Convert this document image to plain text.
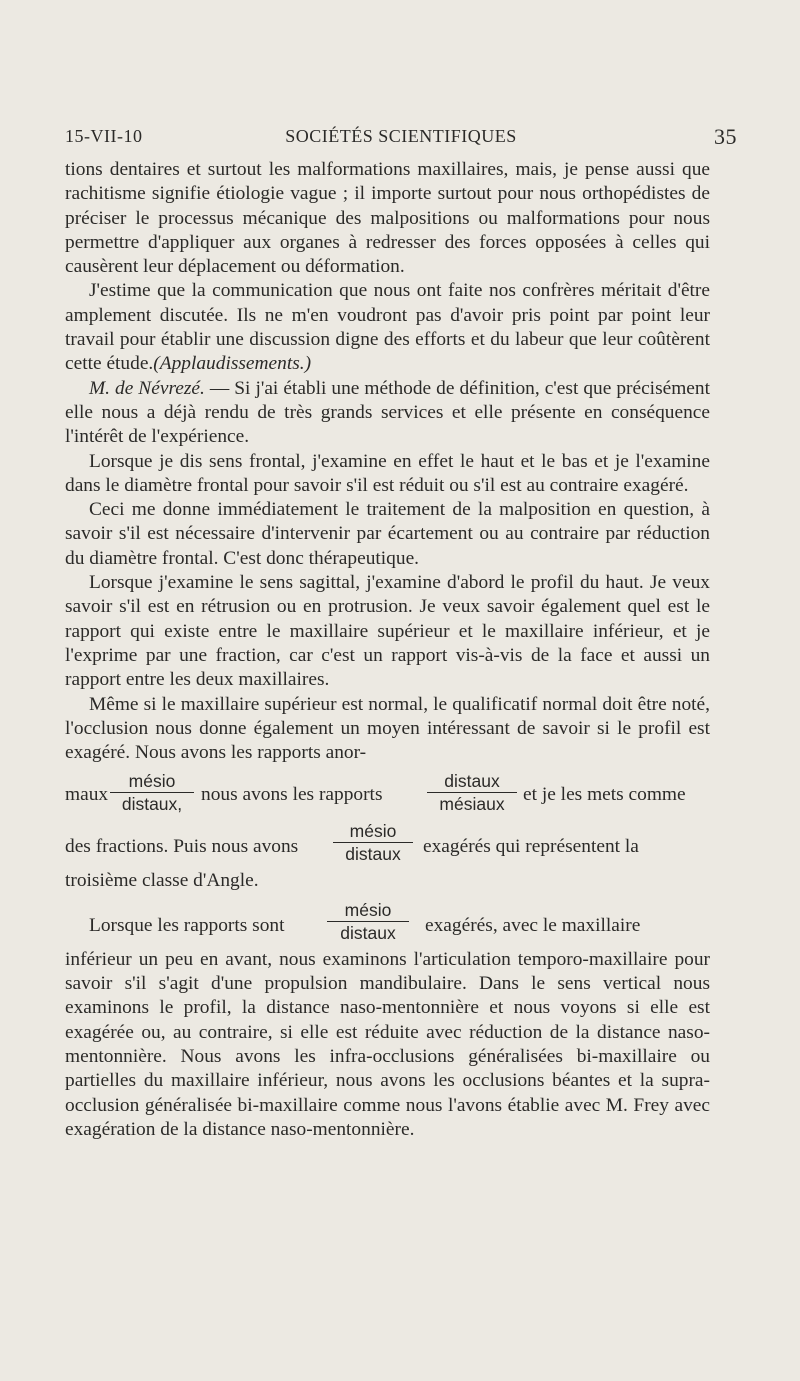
15-VII-10	SOCIÉTÉS SCIENTIFIQUES	35

tions dentaires et surtout les malformations maxillaires, mais, je pense aussi que rachitisme signifie étiologie vague ; il importe surtout pour nous orthopédistes de préciser le processus mécanique des malpositions ou malformations pour nous permettre d'appliquer aux organes à redresser des forces opposées à celles qui causèrent leur déplacement ou déformation.

J'estime que la communication que nous ont faite nos confrères méritait d'être amplement discutée. Ils ne m'en voudront pas d'avoir pris point par point leur travail pour établir une discussion digne des efforts et du labeur que leur coûtèrent cette étude.(Applaudissements.)

M. de Névrezé. — Si j'ai établi une méthode de définition, c'est que précisément elle nous a déjà rendu de très grands services et elle présente en conséquence l'intérêt de l'expérience.

Lorsque je dis sens frontal, j'examine en effet le haut et le bas et je l'examine dans le diamètre frontal pour savoir s'il est réduit ou s'il est au contraire exagéré.

Ceci me donne immédiatement le traitement de la malposition en question, à savoir s'il est nécessaire d'intervenir par écartement ou au contraire par réduction du diamètre frontal. C'est donc thérapeutique.

Lorsque j'examine le sens sagittal, j'examine d'abord le profil du haut. Je veux savoir s'il est en rétrusion ou en protrusion. Je veux savoir également quel est le rapport qui existe entre le maxillaire supérieur et le maxillaire inférieur, et je l'exprime par une fraction, car c'est un rapport vis-à-vis de la face et aussi un rapport entre les deux maxillaires.

Même si le maxillaire supérieur est normal, le qualificatif normal doit être noté, l'occlusion nous donne également un moyen intéressant de savoir si le profil est exagéré. Nous avons les rapports anor-

maux
mésio
distaux, nous avons les rapports
distaux
mésiaux et je les mets comme
des fractions. Puis nous avons
mésio
distaux	exagérés qui représentent la

troisième classe d'Angle.

Lorsque les rapports sont
mésio
distaux	exagérés, avec le maxillaire

inférieur un peu en avant, nous examinons l'articulation temporo-maxillaire pour savoir s'il s'agit d'une propulsion mandibulaire. Dans le sens vertical nous examinons le profil, la distance naso-mentonnière et nous voyons si elle est exagérée ou, au contraire, si elle est réduite avec réduction de la distance naso-mentonnière. Nous avons les infra-occlusions généralisées bi-maxillaire ou partielles du maxillaire inférieur, nous avons les occlusions béantes et la supra-occlusion généralisée bi-maxillaire comme nous l'avons établie avec M. Frey avec exagération de la distance naso-mentonnière.
